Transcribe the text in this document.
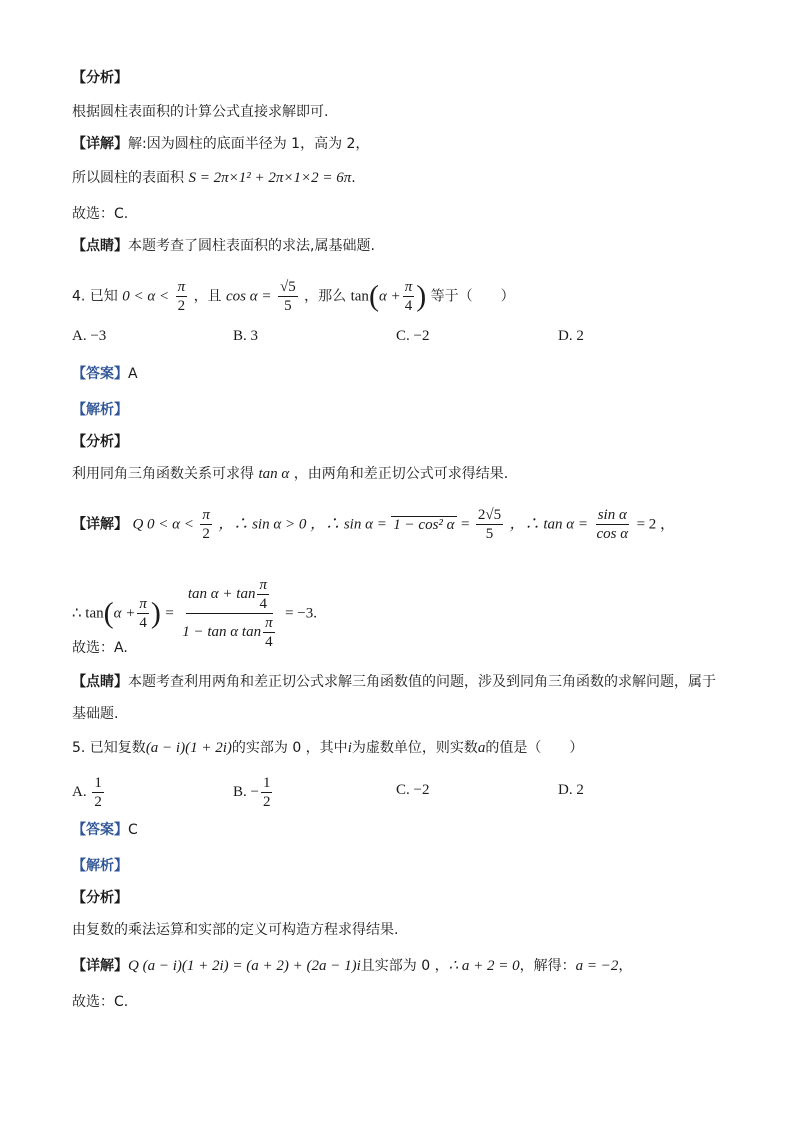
【分析】
根据圆柱表面积的计算公式直接求解即可.
【详解】解:因为圆柱的底面半径为 1，高为 2，
所以圆柱的表面积 S = 2π×1² + 2π×1×2 = 6π.
故选：C.
【点睛】本题考查了圆柱表面积的求法,属基础题.
4. 已知 $0 < \alpha < \frac{\pi}{2}$ ，且 $\cos \alpha = \frac{√5}{5}$ ，那么 $\tan(\alpha + \frac{\pi}{4}$ ) 等于（　　）
A. −3	B. 3	C. −2	D. 2
【答案】A
【解析】
【分析】
利用同角三角函数关系可求得 tan α ，由两角和差正切公式可求得结果.
【详解】 Q $0 < \alpha < \frac{\pi}{2}$ ，∴ sin α > 0 ，∴ sin α = 1 − cos² $\alpha = \frac{2√5}{5}$ ，∴ $\tan \alpha = \frac{\text{sin α}}{\text{cos α}} = 2$ ，
∴ $\tan(\alpha + \frac{\pi}{4}$ ) = $\frac{\tan \alpha + \tan \frac{\pi}{4}}{1 - \tan \alpha \tan \frac{\pi}{4}} = -3$.
故选：A.
【点睛】本题考查利用两角和差正切公式求解三角函数值的问题，涉及到同角三角函数的求解问题，属于
基础题.
5. 已知复数(a − i)(1 + 2i)的实部为 0 ，其中i为虚数单位，则实数a的值是（　　）
A. $\frac{1}{2}$	B. − $\frac{1}{2}$	C. −2	D. 2
【答案】C
【解析】
【分析】
由复数的乘法运算和实部的定义可构造方程求得结果.
【详解】Q (a − i)(1 + 2i) = (a + 2) + (2a − 1)i且实部为 0 ，∴ a + 2 = 0，解得：a = −2，
故选：C.
